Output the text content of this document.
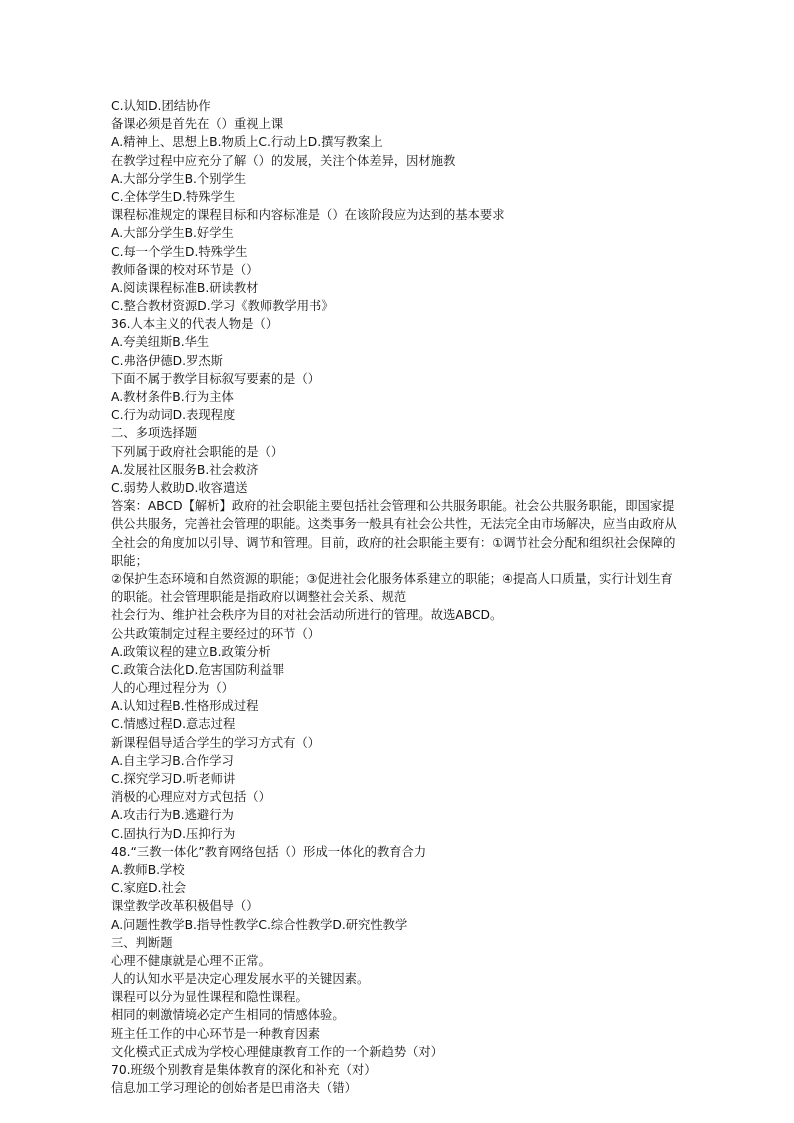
C.认知D.团结协作
备课必须是首先在（）重视上课
A.精神上、思想上B.物质上C.行动上D.撰写教案上
在教学过程中应充分了解（）的发展，关注个体差异，因材施教
A.大部分学生B.个别学生
C.全体学生D.特殊学生
课程标准规定的课程目标和内容标准是（）在该阶段应为达到的基本要求
A.大部分学生B.好学生
C.每一个学生D.特殊学生
教师备课的校对环节是（）
A.阅读课程标准B.研读教材
C.整合教材资源D.学习《教师教学用书》
36.人本主义的代表人物是（）
A.夸美纽斯B.华生
C.弗洛伊德D.罗杰斯
下面不属于教学目标叙写要素的是（）
A.教材条件B.行为主体
C.行为动词D.表现程度
二、多项选择题
下列属于政府社会职能的是（）
A.发展社区服务B.社会救济
C.弱势人救助D.收容遣送
答案：ABCD【解析】政府的社会职能主要包括社会管理和公共服务职能。社会公共服务职能，即国家提供公共服务，完善社会管理的职能。这类事务一般具有社会公共性，无法完全由市场解决，应当由政府从全社会的角度加以引导、调节和管理。目前，政府的社会职能主要有：①调节社会分配和组织社会保障的职能；
②保护生态环境和自然资源的职能；③促进社会化服务体系建立的职能；④提高人口质量，实行计划生育的职能。社会管理职能是指政府以调整社会关系、规范
社会行为、维护社会秩序为目的对社会活动所进行的管理。故选ABCD。
公共政策制定过程主要经过的环节（）
A.政策议程的建立B.政策分析
C.政策合法化D.危害国防利益罪
人的心理过程分为（）
A.认知过程B.性格形成过程
C.情感过程D.意志过程
新课程倡导适合学生的学习方式有（）
A.自主学习B.合作学习
C.探究学习D.听老师讲
消极的心理应对方式包括（）
A.攻击行为B.逃避行为
C.固执行为D.压抑行为
48.“三教一体化”教育网络包括（）形成一体化的教育合力
A.教师B.学校
C.家庭D.社会
课堂教学改革积极倡导（）
A.问题性教学B.指导性教学C.综合性教学D.研究性教学
三、判断题
心理不健康就是心理不正常。
人的认知水平是决定心理发展水平的关键因素。
课程可以分为显性课程和隐性课程。
相同的刺激情境必定产生相同的情感体验。
班主任工作的中心环节是一种教育因素
文化模式正式成为学校心理健康教育工作的一个新趋势（对）
70.班级个别教育是集体教育的深化和补充（对）
信息加工学习理论的创始者是巴甫洛夫（错）
